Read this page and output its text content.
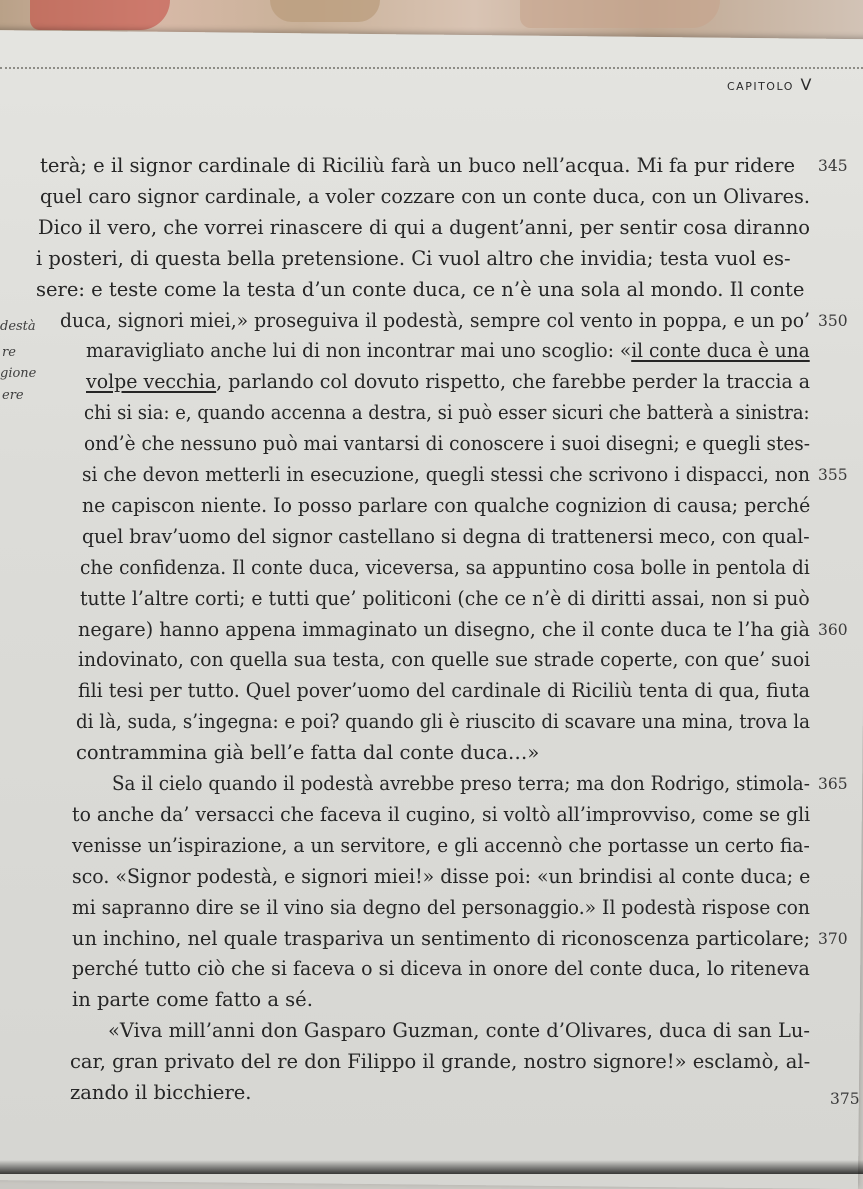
capitolo V
destà
re
gione
ere
terà; e il signor cardinale di Riciliù farà un buco nell’acqua. Mi fa pur ridere 345
quel caro signor cardinale, a voler cozzare con un conte duca, con un Olivares.
Dico il vero, che vorrei rinascere di qui a dugent’anni, per sentir cosa diranno
i posteri, di questa bella pretensione. Ci vuol altro che invidia; testa vuol es-
sere: e teste come la testa d’un conte duca, ce n’è una sola al mondo. Il conte
duca, signori miei,» proseguiva il podestà, sempre col vento in poppa, e un po’ 350
maravigliato anche lui di non incontrar mai uno scoglio: «il conte duca è una
volpe vecchia, parlando col dovuto rispetto, che farebbe perder la traccia a
chi si sia: e, quando accenna a destra, si può esser sicuri che batterà a sinistra:
ond’è che nessuno può mai vantarsi di conoscere i suoi disegni; e quegli stes-
si che devon metterli in esecuzione, quegli stessi che scrivono i dispacci, non 355
ne capiscon niente. Io posso parlare con qualche cognizion di causa; perché
quel brav’uomo del signor castellano si degna di trattenersi meco, con qual-
che confidenza. Il conte duca, viceversa, sa appuntino cosa bolle in pentola di
tutte l’altre corti; e tutti que’ politiconi (che ce n’è di diritti assai, non si può
negare) hanno appena immaginato un disegno, che il conte duca te l’ha già 360
indovinato, con quella sua testa, con quelle sue strade coperte, con que’ suoi
fili tesi per tutto. Quel pover’uomo del cardinale di Riciliù tenta di qua, fiuta
di là, suda, s’ingegna: e poi? quando gli è riuscito di scavare una mina, trova la
contrammina già bell’e fatta dal conte duca…»
Sa il cielo quando il podestà avrebbe preso terra; ma don Rodrigo, stimola- 365
to anche da’ versacci che faceva il cugino, si voltò all’improvviso, come se gli
venisse un’ispirazione, a un servitore, e gli accennò che portasse un certo fia-
sco. «Signor podestà, e signori miei!» disse poi: «un brindisi al conte duca; e
mi sapranno dire se il vino sia degno del personaggio.» Il podestà rispose con
un inchino, nel quale traspariva un sentimento di riconoscenza particolare; 370
perché tutto ciò che si faceva o si diceva in onore del conte duca, lo riteneva
in parte come fatto a sé.
«Viva mill’anni don Gasparo Guzman, conte d’Olivares, duca di san Lu-
car, gran privato del re don Filippo il grande, nostro signore!» esclamò, al-
zando il bicchiere.	375
